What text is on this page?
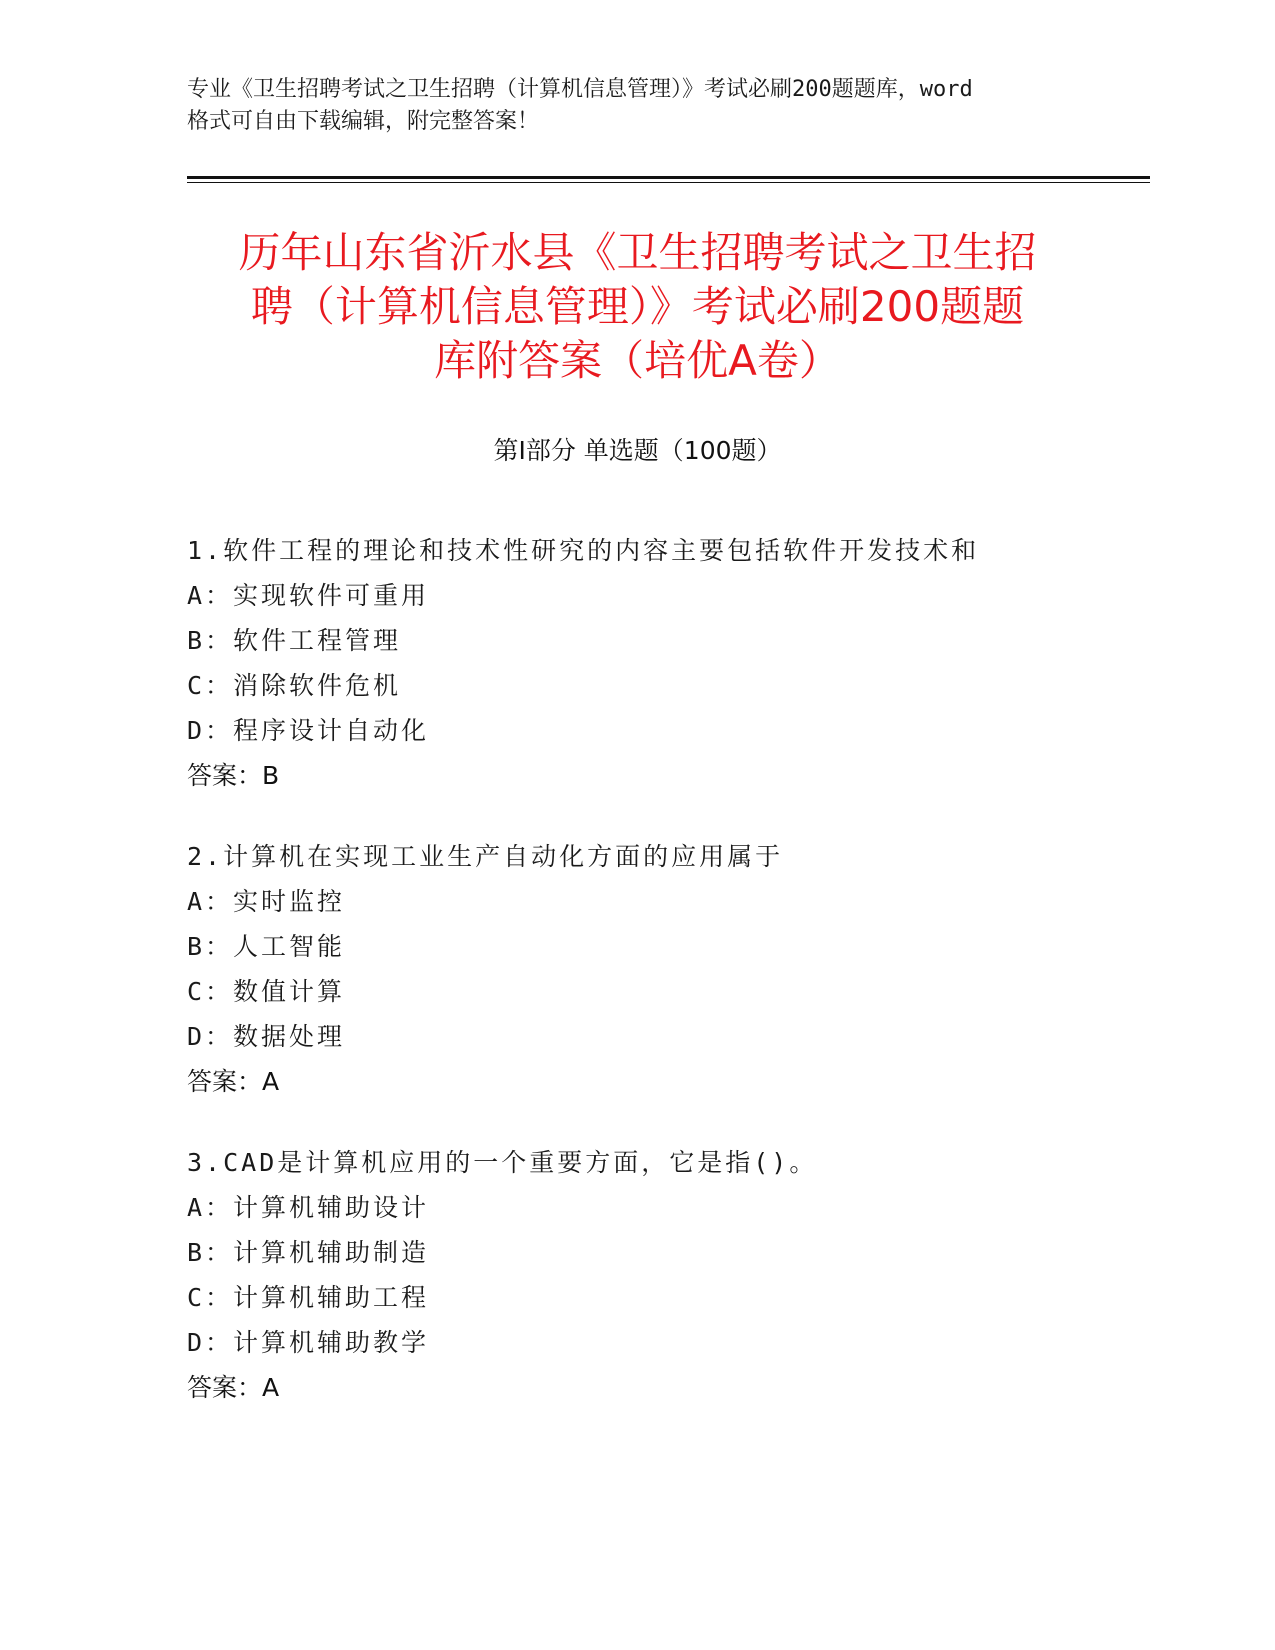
专业《卫生招聘考试之卫生招聘（计算机信息管理）》考试必刷200题题库，word
格式可自由下载编辑，附完整答案！
历年山东省沂水县《卫生招聘考试之卫生招
聘（计算机信息管理）》考试必刷200题题
库附答案（培优A卷）
第I部分 单选题（100题）
1.软件工程的理论和技术性研究的内容主要包括软件开发技术和
A：实现软件可重用
B：软件工程管理
C：消除软件危机
D：程序设计自动化
答案：B
2.计算机在实现工业生产自动化方面的应用属于
A：实时监控
B：人工智能
C：数值计算
D：数据处理
答案：A
3.CAD是计算机应用的一个重要方面，它是指()。
A：计算机辅助设计
B：计算机辅助制造
C：计算机辅助工程
D：计算机辅助教学
答案：A
